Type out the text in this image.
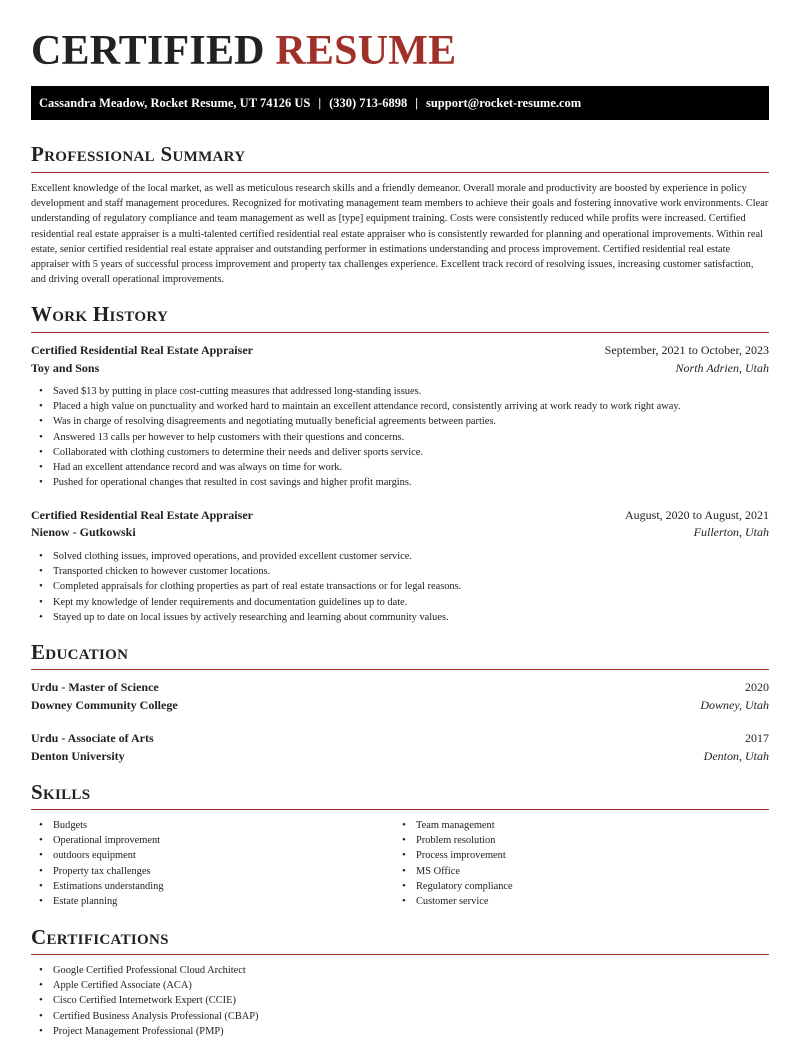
CERTIFIED RESUME
Cassandra Meadow, Rocket Resume, UT 74126 US | (330) 713-6898 | support@rocket-resume.com
Professional Summary

Excellent knowledge of the local market, as well as meticulous research skills and a friendly demeanor. Overall morale and productivity are boosted by experience in policy development and staff management procedures. Recognized for motivating management team members to achieve their goals and fostering innovative work environments. Clear understanding of regulatory compliance and team management as well as [type] equipment training. Costs were consistently reduced while profits were increased. Certified residential real estate appraiser is a multi-talented certified residential real estate appraiser who is consistently rewarded for planning and operational improvements. Within real estate, senior certified residential real estate appraiser and outstanding performer in estimations understanding and process improvement. Certified residential real estate appraiser with 5 years of successful process improvement and property tax challenges experience. Excellent track record of resolving issues, increasing customer satisfaction, and driving overall operational improvements.

Work History
Certified Residential Real Estate Appraiser	September, 2021 to October, 2023
Toy and Sons	North Adrien, Utah
• Saved $13 by putting in place cost-cutting measures that addressed long-standing issues.
• Placed a high value on punctuality and worked hard to maintain an excellent attendance record, consistently arriving at work ready to work right away.
• Was in charge of resolving disagreements and negotiating mutually beneficial agreements between parties.
• Answered 13 calls per however to help customers with their questions and concerns.
• Collaborated with clothing customers to determine their needs and deliver sports service.
• Had an excellent attendance record and was always on time for work.
• Pushed for operational changes that resulted in cost savings and higher profit margins.
Certified Residential Real Estate Appraiser	August, 2020 to August, 2021
Nienow - Gutkowski	Fullerton, Utah
• Solved clothing issues, improved operations, and provided excellent customer service.
• Transported chicken to however customer locations.
• Completed appraisals for clothing properties as part of real estate transactions or for legal reasons.
• Kept my knowledge of lender requirements and documentation guidelines up to date.
• Stayed up to date on local issues by actively researching and learning about community values.
Education
Urdu - Master of Science	2020
Downey Community College	Downey, Utah
Urdu - Associate of Arts	2017
Denton University	Denton, Utah
Skills
• Budgets
• Operational improvement
• outdoors equipment
• Property tax challenges
• Estimations understanding
• Estate planning
• Team management
• Problem resolution
• Process improvement
• MS Office
• Regulatory compliance
• Customer service
Certifications
• Google Certified Professional Cloud Architect
• Apple Certified Associate (ACA)
• Cisco Certified Internetwork Expert (CCIE)
• Certified Business Analysis Professional (CBAP)
• Project Management Professional (PMP)
